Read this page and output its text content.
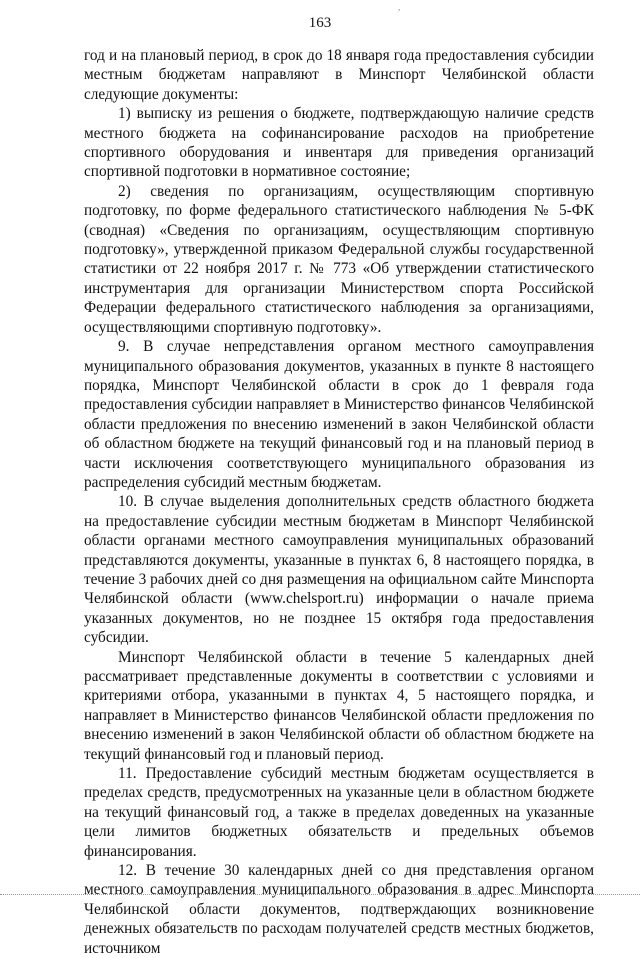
,
163

год и на плановый период, в срок до 18 января года предоставления субсидии местным бюджетам направляют в Минспорт Челябинской области следующие документы:

1) выписку из решения о бюджете, подтверждающую наличие средств местного бюджета на софинансирование расходов на приобретение спортивного оборудования и инвентаря для приведения организаций спортивной подготовки в нормативное состояние;

2) сведения по организациям, осуществляющим спортивную подготовку, по форме федерального статистического наблюдения № 5-ФК (сводная) «Сведения по организациям, осуществляющим спортивную подготовку», утвержденной приказом Федеральной службы государственной статистики от 22 ноября 2017 г. № 773 «Об утверждении статистического инструментария для организации Министерством спорта Российской Федерации федерального статистического наблюдения за организациями, осуществляющими спортивную подготовку».

9. В случае непредставления органом местного самоуправления муниципального образования документов, указанных в пункте 8 настоящего порядка, Минспорт Челябинской области в срок до 1 февраля года предоставления субсидии направляет в Министерство финансов Челябинской области предложения по внесению изменений в закон Челябинской области об областном бюджете на текущий финансовый год и на плановый период в части исключения соответствующего муниципального образования из распределения субсидий местным бюджетам.

10. В случае выделения дополнительных средств областного бюджета на предоставление субсидии местным бюджетам в Минспорт Челябинской области органами местного самоуправления муниципальных образований представляются документы, указанные в пунктах 6, 8 настоящего порядка, в течение 3 рабочих дней со дня размещения на официальном сайте Минспорта Челябинской области (www.chelsport.ru) информации о начале приема указанных документов, но не позднее 15 октября года предоставления субсидии.

Минспорт Челябинской области в течение 5 календарных дней рассматривает представленные документы в соответствии с условиями и критериями отбора, указанными в пунктах 4, 5 настоящего порядка, и направляет в Министерство финансов Челябинской области предложения по внесению изменений в закон Челябинской области об областном бюджете на текущий финансовый год и плановый период.

11. Предоставление субсидий местным бюджетам осуществляется в пределах средств, предусмотренных на указанные цели в областном бюджете на текущий финансовый год, а также в пределах доведенных на указанные цели лимитов бюджетных обязательств и предельных объемов финансирования.

12. В течение 30 календарных дней со дня представления органом местного самоуправления муниципального образования в адрес Минспорта Челябинской области документов, подтверждающих возникновение денежных обязательств по расходам получателей средств местных бюджетов, источником
